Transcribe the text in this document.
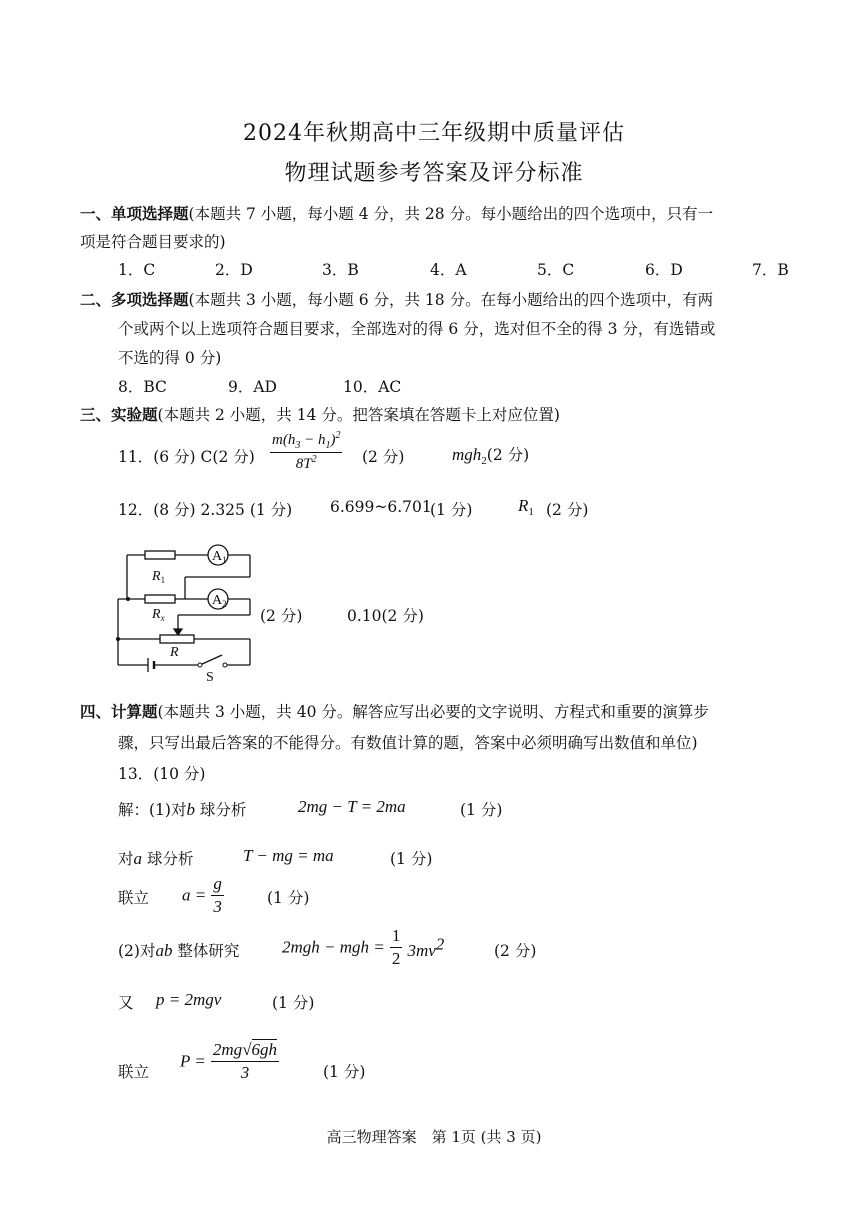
2024年秋期高中三年级期中质量评估
物理试题参考答案及评分标准
一、单项选择题(本题共 7 小题，每小题 4 分，共 28 分。每小题给出的四个选项中，只有一
项是符合题目要求的)
1．C	2．D	3．B	4．A	5．C	6．D	7．B
二、多项选择题(本题共 3 小题，每小题 6 分，共 18 分。在每小题给出的四个选项中，有两
个或两个以上选项符合题目要求，全部选对的得 6 分，选对但不全的得 3 分，有选错或
不选的得 0 分)
8．BC	9．AD	10．AC
三、实验题(本题共 2 小题，共 14 分。把答案填在答题卡上对应位置)
11．(6 分) C(2 分) $\frac{m(h_3 - h_1)^2}{8T^2} (2$ 分)	mgh$_2$(2 分)
12．(8 分) 2.325 (1 分) 6.699~6.701
(1 分)	$R_1$ (2 分)
$A_1$
$A_2$
$R_1$
$R_x$
R
S
(2 分)	0.10(2 分)
四、计算题(本题共 3 小题，共 40 分。解答应写出必要的文字说明、方程式和重要的演算步
骤，只写出最后答案的不能得分。有数值计算的题，答案中必须明确写出数值和单位)
13．(10 分)
解：(1)对b 球分析	2mg − T = 2ma	(1 分)
对a 球分析	T − mg = ma	(1 分)
联立 $a = \frac{g}{3}$	(1 分)
(2)对ab 整体研究	2mgh − mgh = $\frac{1}{2} 3mv^2$	(2 分)
又 p = 2mgv	(1 分)
联立
$P = \frac{2mg√6gh}{3}$	(1 分)
高三物理答案　第 1页 (共 3 页)
